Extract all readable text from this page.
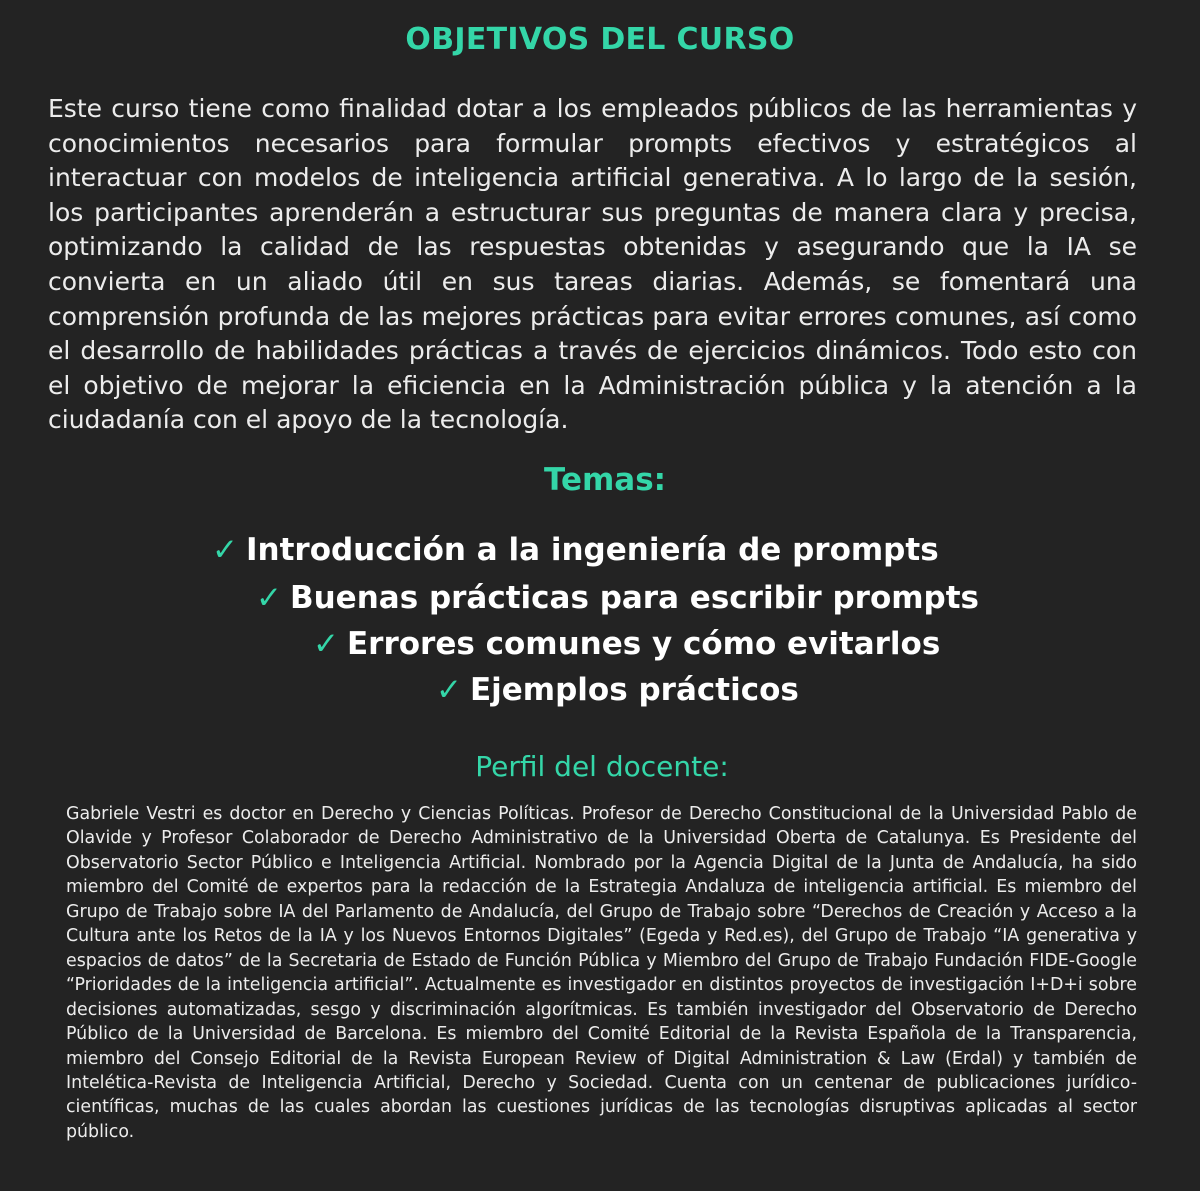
OBJETIVOS DEL CURSO

Este curso tiene como finalidad dotar a los empleados públicos de las herramientas y conocimientos necesarios para formular prompts efectivos y estratégicos al interactuar con modelos de inteligencia artificial generativa. A lo largo de la sesión, los participantes aprenderán a estructurar sus preguntas de manera clara y precisa, optimizando la calidad de las respuestas obtenidas y asegurando que la IA se convierta en un aliado útil en sus tareas diarias. Además, se fomentará una comprensión profunda de las mejores prácticas para evitar errores comunes, así como el desarrollo de habilidades prácticas a través de ejercicios dinámicos. Todo esto con el objetivo de mejorar la eficiencia en la Administración pública y la atención a la ciudadanía con el apoyo de la tecnología.

Temas:
✓ Introducción a la ingeniería de prompts
✓ Buenas prácticas para escribir prompts
✓ Errores comunes y cómo evitarlos
✓ Ejemplos prácticos
Perfil del docente:

Gabriele Vestri es doctor en Derecho y Ciencias Políticas. Profesor de Derecho Constitucional de la Universidad Pablo de Olavide y Profesor Colaborador de Derecho Administrativo de la Universidad Oberta de Catalunya. Es Presidente del Observatorio Sector Público e Inteligencia Artificial. Nombrado por la Agencia Digital de la Junta de Andalucía, ha sido miembro del Comité de expertos para la redacción de la Estrategia Andaluza de inteligencia artificial. Es miembro del Grupo de Trabajo sobre IA del Parlamento de Andalucía, del Grupo de Trabajo sobre “Derechos de Creación y Acceso a la Cultura ante los Retos de la IA y los Nuevos Entornos Digitales” (Egeda y Red.es), del Grupo de Trabajo “IA generativa y espacios de datos” de la Secretaria de Estado de Función Pública y Miembro del Grupo de Trabajo Fundación FIDE-Google “Prioridades de la inteligencia artificial”. Actualmente es investigador en distintos proyectos de investigación I+D+i sobre decisiones automatizadas, sesgo y discriminación algorítmicas. Es también investigador del Observatorio de Derecho Público de la Universidad de Barcelona. Es miembro del Comité Editorial de la Revista Española de la Transparencia, miembro del Consejo Editorial de la Revista European Review of Digital Administration & Law (Erdal) y también de Intelética-Revista de Inteligencia Artificial, Derecho y Sociedad. Cuenta con un centenar de publicaciones jurídico-científicas, muchas de las cuales abordan las cuestiones jurídicas de las tecnologías disruptivas aplicadas al sector público.
